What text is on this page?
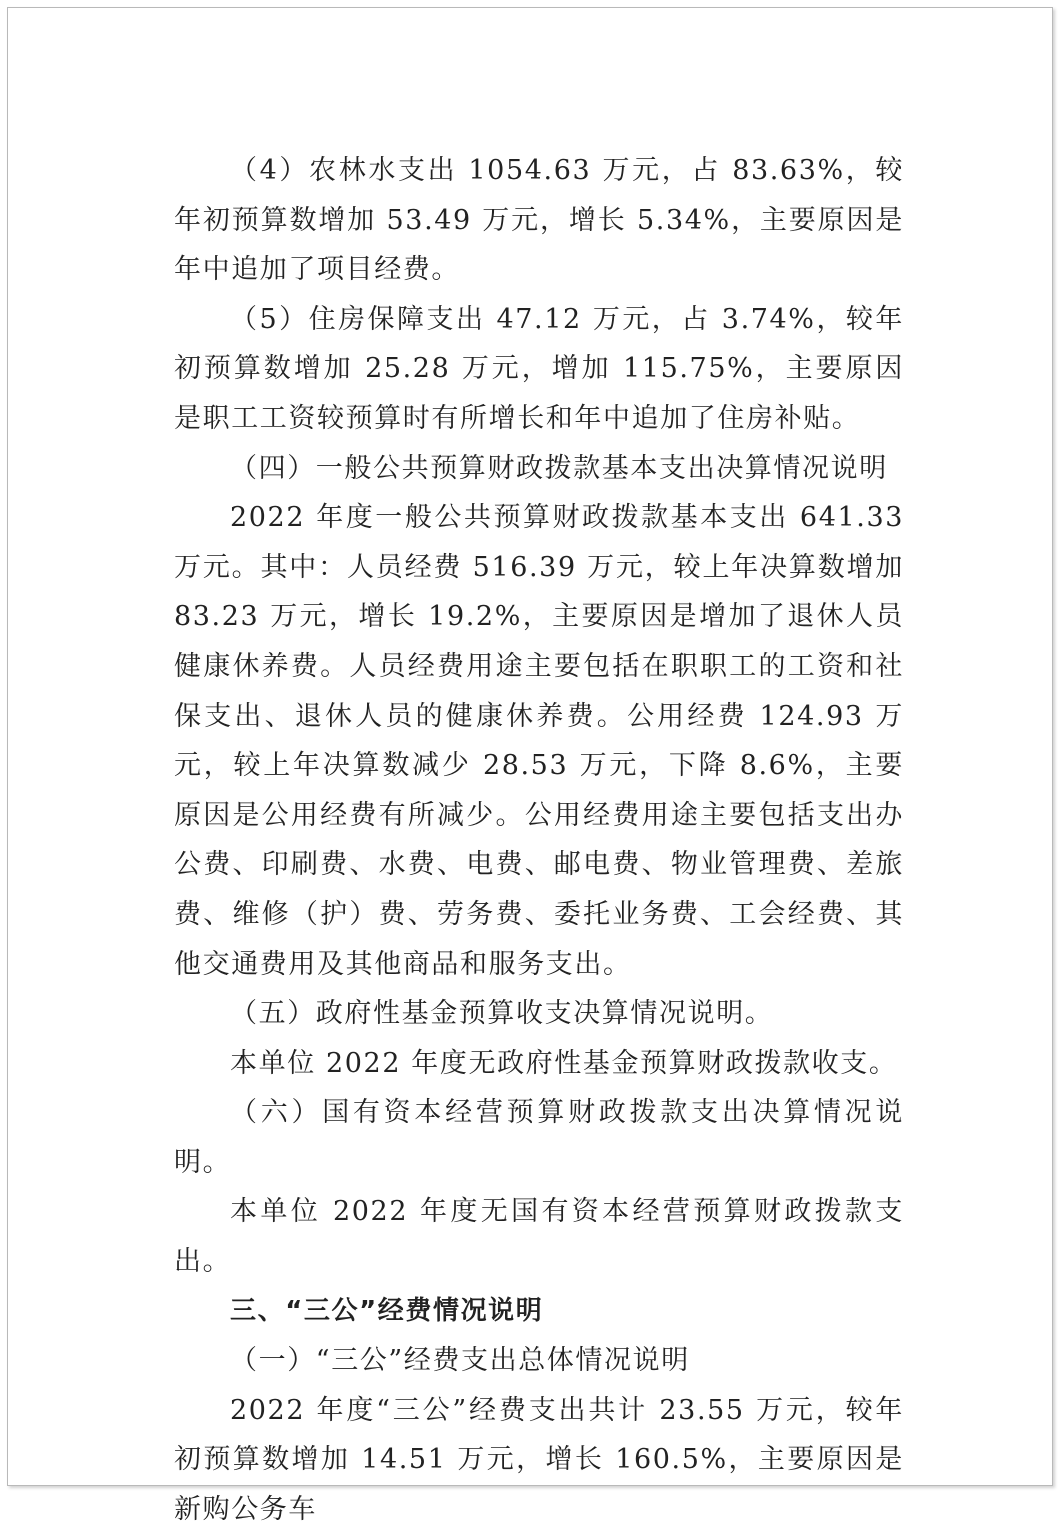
（4）农林水支出 1054.63 万元，占 83.63%，较年初预算数增加 53.49 万元，增长 5.34%，主要原因是年中追加了项目经费。

（5）住房保障支出 47.12 万元，占 3.74%，较年初预算数增加 25.28 万元，增加 115.75%，主要原因是职工工资较预算时有所增长和年中追加了住房补贴。

（四）一般公共预算财政拨款基本支出决算情况说明

2022 年度一般公共预算财政拨款基本支出 641.33 万元。其中：人员经费 516.39 万元，较上年决算数增加 83.23 万元，增长 19.2%，主要原因是增加了退休人员健康休养费。人员经费用途主要包括在职职工的工资和社保支出、退休人员的健康休养费。公用经费 124.93 万元，较上年决算数减少 28.53 万元，下降 8.6%，主要原因是公用经费有所减少。公用经费用途主要包括支出办公费、印刷费、水费、电费、邮电费、物业管理费、差旅费、维修（护）费、劳务费、委托业务费、工会经费、其他交通费用及其他商品和服务支出。

（五）政府性基金预算收支决算情况说明。

本单位 2022 年度无政府性基金预算财政拨款收支。

（六）国有资本经营预算财政拨款支出决算情况说明。

本单位 2022 年度无国有资本经营预算财政拨款支出。

三、“三公”经费情况说明

（一）“三公”经费支出总体情况说明

2022 年度“三公”经费支出共计 23.55 万元，较年初预算数增加 14.51 万元，增长 160.5%，主要原因是新购公务车
